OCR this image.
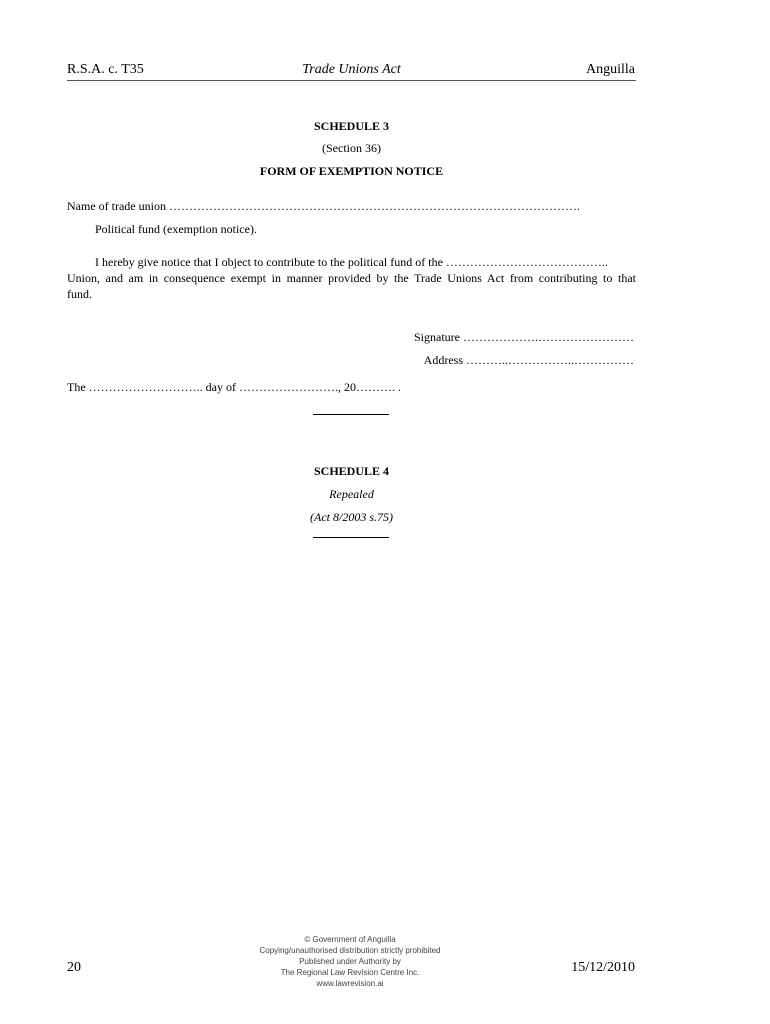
R.S.A. c. T35	Trade Unions Act	Anguilla
SCHEDULE 3
(Section 36)
FORM OF EXEMPTION NOTICE
Name of trade union ………………………………………………………………………………………….
Political fund (exemption notice).
I hereby give notice that I object to contribute to the political fund of the …………………………………..
Union, and am in consequence exempt in manner provided by the Trade Unions Act from contributing to that
fund.
Signature ……………….……………………
Address ………..……………..……………
The ……………………….. day of ……………………., 20………. .
SCHEDULE 4
Repealed
(Act 8/2003 s.75)
20
© Government of Anguilla
Copying/unauthorised distribution strictly prohibited
Published under Authority by
The Regional Law Revision Centre Inc.
www.lawrevision.ai
15/12/2010
